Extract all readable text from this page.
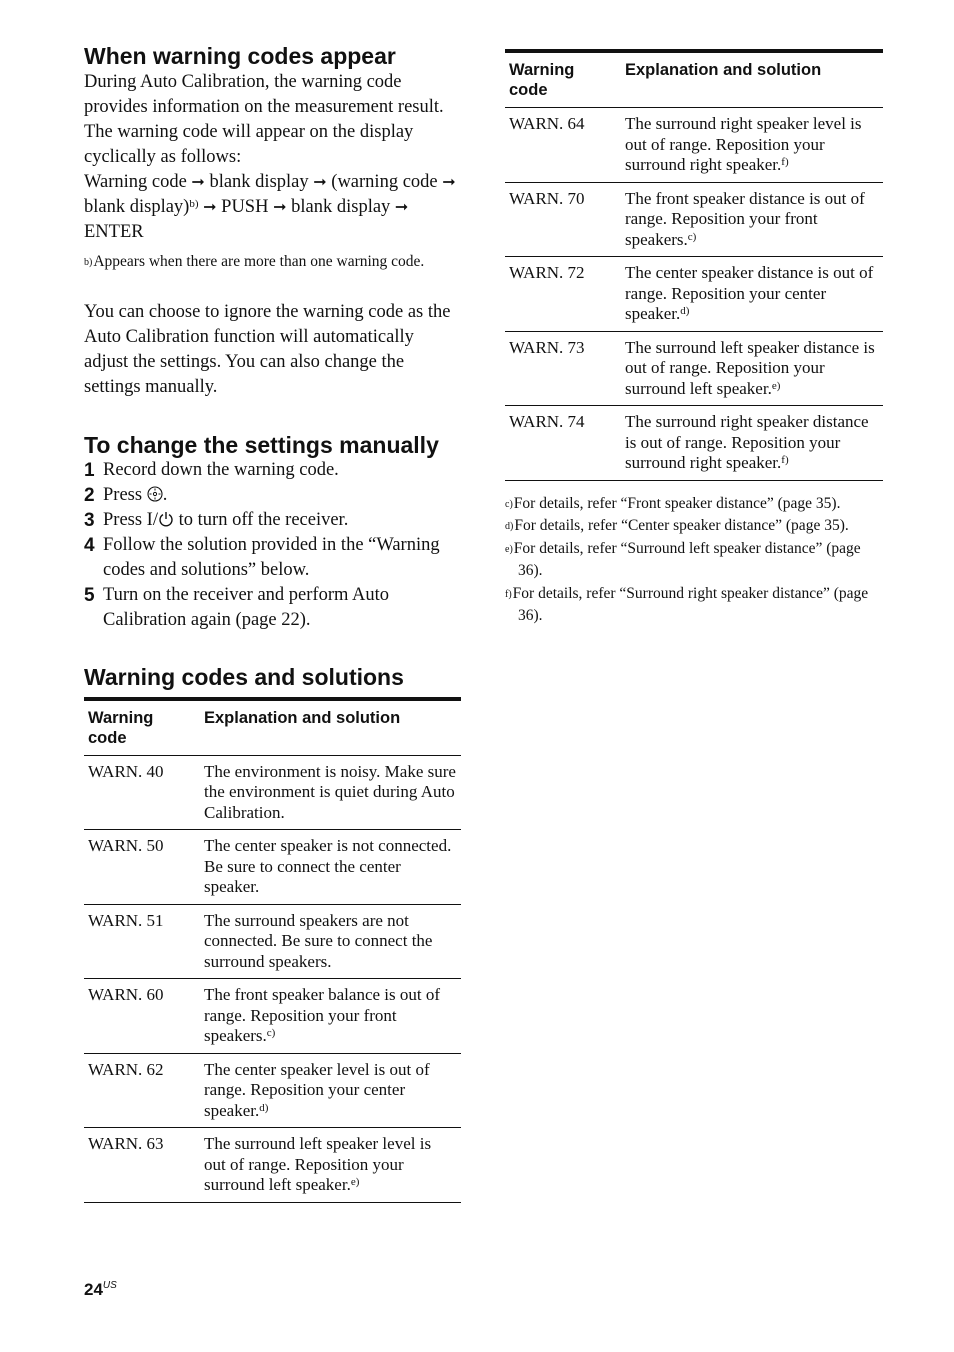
When warning codes appear

During Auto Calibration, the warning code provides information on the measurement result. The warning code will appear on the display cyclically as follows:

Warning code ➞ blank display ➞ (warning code ➞ blank display)$^{b)}$ ➞ PUSH ➞ blank display ➞ ENTER

$^{b)}$Appears when there are more than one warning code.

You can choose to ignore the warning code as the Auto Calibration function will automatically adjust the settings. You can also change the settings manually.

To change the settings manually
1 Record down the warning code.
2 Press .
3 Press I/ to turn off the receiver.
4 Follow the solution provided in the “Warning codes and solutions” below.
5 Turn on the receiver and perform Auto Calibration again (page 22).
Warning codes and solutions
Warning code	Explanation and solution
WARN. 40	The environment is noisy. Make sure the environment is quiet during Auto Calibration.
WARN. 50	The center speaker is not connected. Be sure to connect the center speaker.
WARN. 51	The surround speakers are not connected. Be sure to connect the surround speakers.
WARN. 60	The front speaker balance is out of range. Reposition your front speakers.$^{c)}$
WARN. 62	The center speaker level is out of range. Reposition your center speaker.$^{d)}$
WARN. 63	The surround left speaker level is out of range. Reposition your surround left speaker.$^{e)}$
Warning code	Explanation and solution
WARN. 64	The surround right speaker level is out of range. Reposition your surround right speaker.$^{f)}$
WARN. 70	The front speaker distance is out of range. Reposition your front speakers.$^{c)}$
WARN. 72	The center speaker distance is out of range. Reposition your center speaker.$^{d)}$
WARN. 73	The surround left speaker distance is out of range. Reposition your surround left speaker.$^{e)}$
WARN. 74	The surround right speaker distance is out of range. Reposition your surround right speaker.$^{f)}$

$^{c)}$For details, refer “Front speaker distance” (page 35).

$^{d)}$For details, refer “Center speaker distance” (page 35).

$^{e)}$For details, refer “Surround left speaker distance” (page 36).

$^{f)}$For details, refer “Surround right speaker distance” (page 36).

$24^{US}$
